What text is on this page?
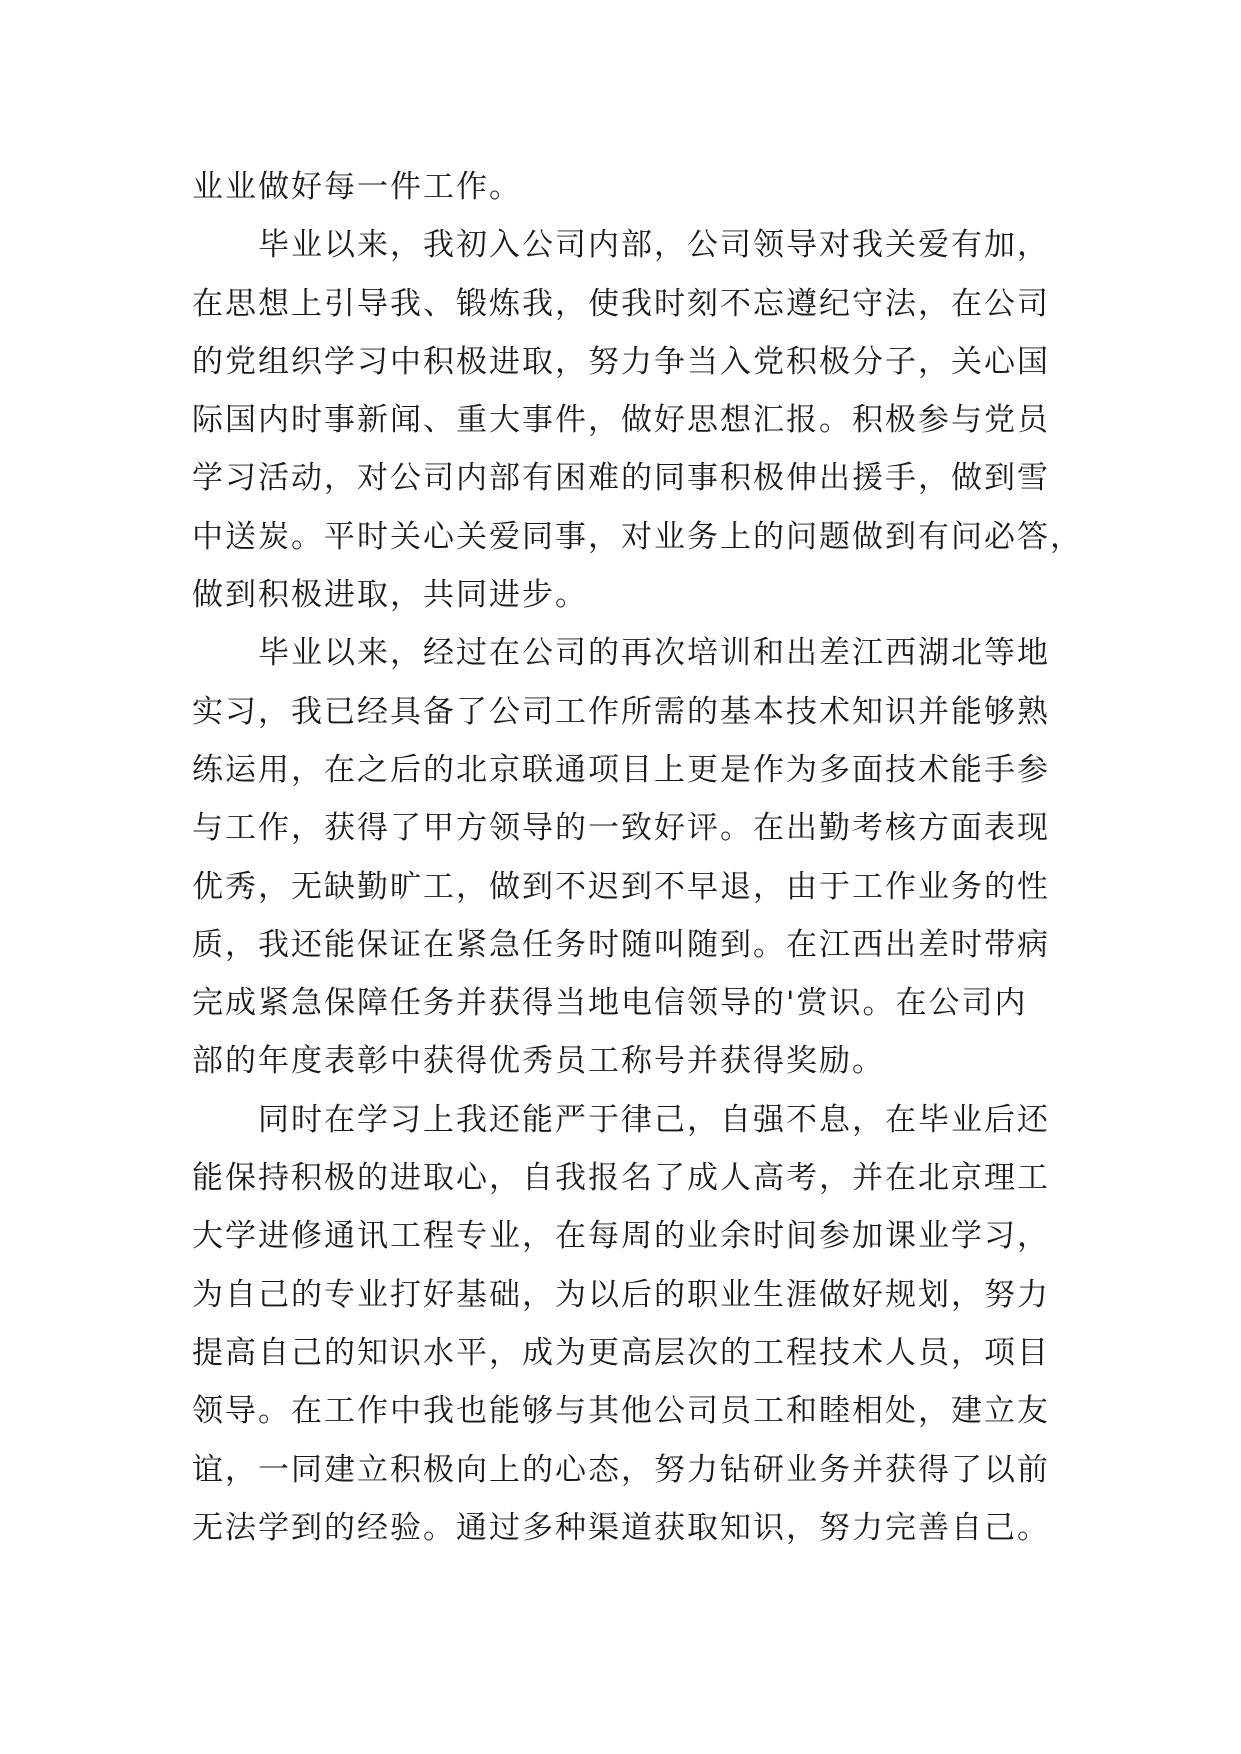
业业做好每一件工作。
毕业以来，我初入公司内部，公司领导对我关爱有加，
在思想上引导我、锻炼我，使我时刻不忘遵纪守法，在公司
的党组织学习中积极进取，努力争当入党积极分子，关心国
际国内时事新闻、重大事件，做好思想汇报。积极参与党员
学习活动，对公司内部有困难的同事积极伸出援手，做到雪
中送炭。平时关心关爱同事，对业务上的问题做到有问必答，
做到积极进取，共同进步。
毕业以来，经过在公司的再次培训和出差江西湖北等地
实习，我已经具备了公司工作所需的基本技术知识并能够熟
练运用，在之后的北京联通项目上更是作为多面技术能手参
与工作，获得了甲方领导的一致好评。在出勤考核方面表现
优秀，无缺勤旷工，做到不迟到不早退，由于工作业务的性
质，我还能保证在紧急任务时随叫随到。在江西出差时带病
完成紧急保障任务并获得当地电信领导的'赏识。在公司内
部的年度表彰中获得优秀员工称号并获得奖励。
同时在学习上我还能严于律己，自强不息，在毕业后还
能保持积极的进取心，自我报名了成人高考，并在北京理工
大学进修通讯工程专业，在每周的业余时间参加课业学习，
为自己的专业打好基础，为以后的职业生涯做好规划，努力
提高自己的知识水平，成为更高层次的工程技术人员，项目
领导。在工作中我也能够与其他公司员工和睦相处，建立友
谊，一同建立积极向上的心态，努力钻研业务并获得了以前
无法学到的经验。通过多种渠道获取知识，努力完善自己。
